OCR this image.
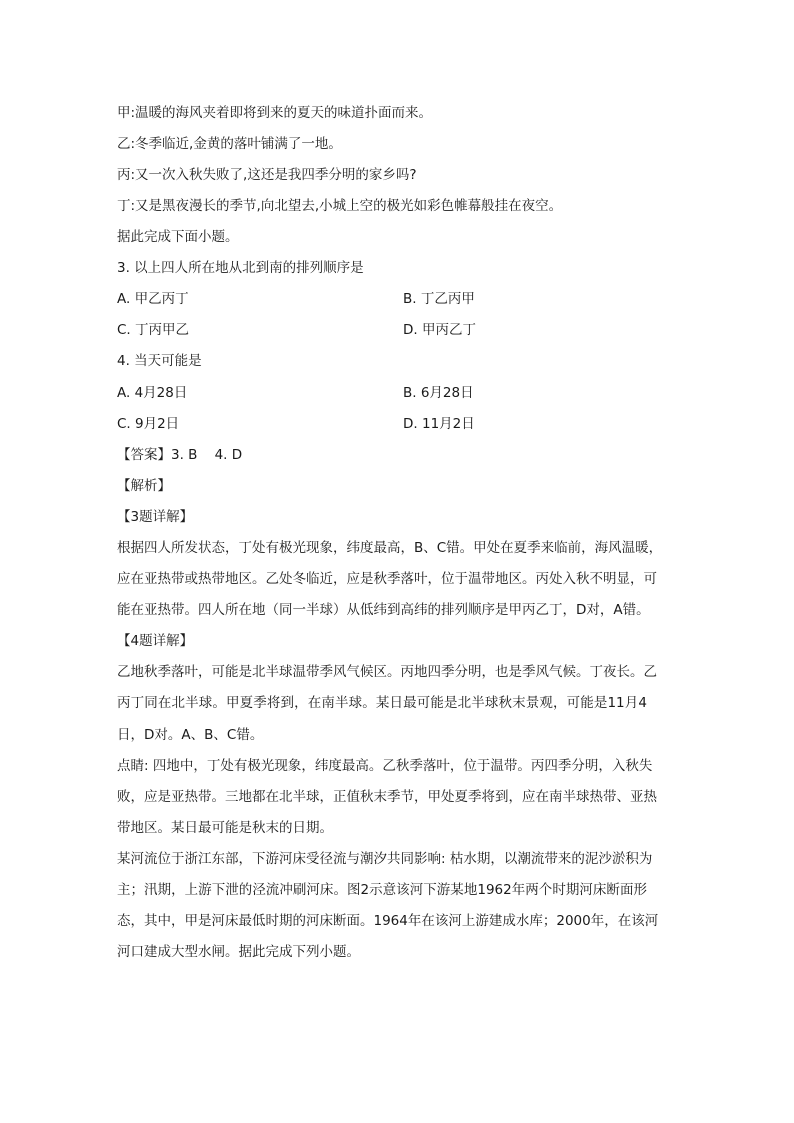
甲:温暖的海风夹着即将到来的夏天的味道扑面而来。
乙:冬季临近,金黄的落叶铺满了一地。
丙:又一次入秋失败了,这还是我四季分明的家乡吗?
丁:又是黑夜漫长的季节,向北望去,小城上空的极光如彩色帷幕般挂在夜空。
据此完成下面小题。
3. 以上四人所在地从北到南的排列顺序是
A. 甲乙丙丁	B. 丁乙丙甲
C. 丁丙甲乙	D. 甲丙乙丁
4. 当天可能是
A. 4月28日	B. 6月28日
C. 9月2日	D. 11月2日
【答案】3. B    4. D
【解析】
【3题详解】
根据四人所发状态，丁处有极光现象，纬度最高，B、C错。甲处在夏季来临前，海风温暖，
应在亚热带或热带地区。乙处冬临近，应是秋季落叶，位于温带地区。丙处入秋不明显，可
能在亚热带。四人所在地（同一半球）从低纬到高纬的排列顺序是甲丙乙丁，D对，A错。
【4题详解】
乙地秋季落叶，可能是北半球温带季风气候区。丙地四季分明，也是季风气候。丁夜长。乙
丙丁同在北半球。甲夏季将到，在南半球。某日最可能是北半球秋末景观，可能是11月4
日，D对。A、B、C错。
点睛: 四地中，丁处有极光现象，纬度最高。乙秋季落叶，位于温带。丙四季分明，入秋失
败，应是亚热带。三地都在北半球，正值秋末季节，甲处夏季将到，应在南半球热带、亚热
带地区。某日最可能是秋末的日期。
某河流位于浙江东部，下游河床受径流与潮汐共同影响: 枯水期，以潮流带来的泥沙淤积为
主；汛期，上游下泄的泾流冲刷河床。图2示意该河下游某地1962年两个时期河床断面形
态，其中，甲是河床最低时期的河床断面。1964年在该河上游建成水库；2000年，在该河
河口建成大型水闸。据此完成下列小题。
